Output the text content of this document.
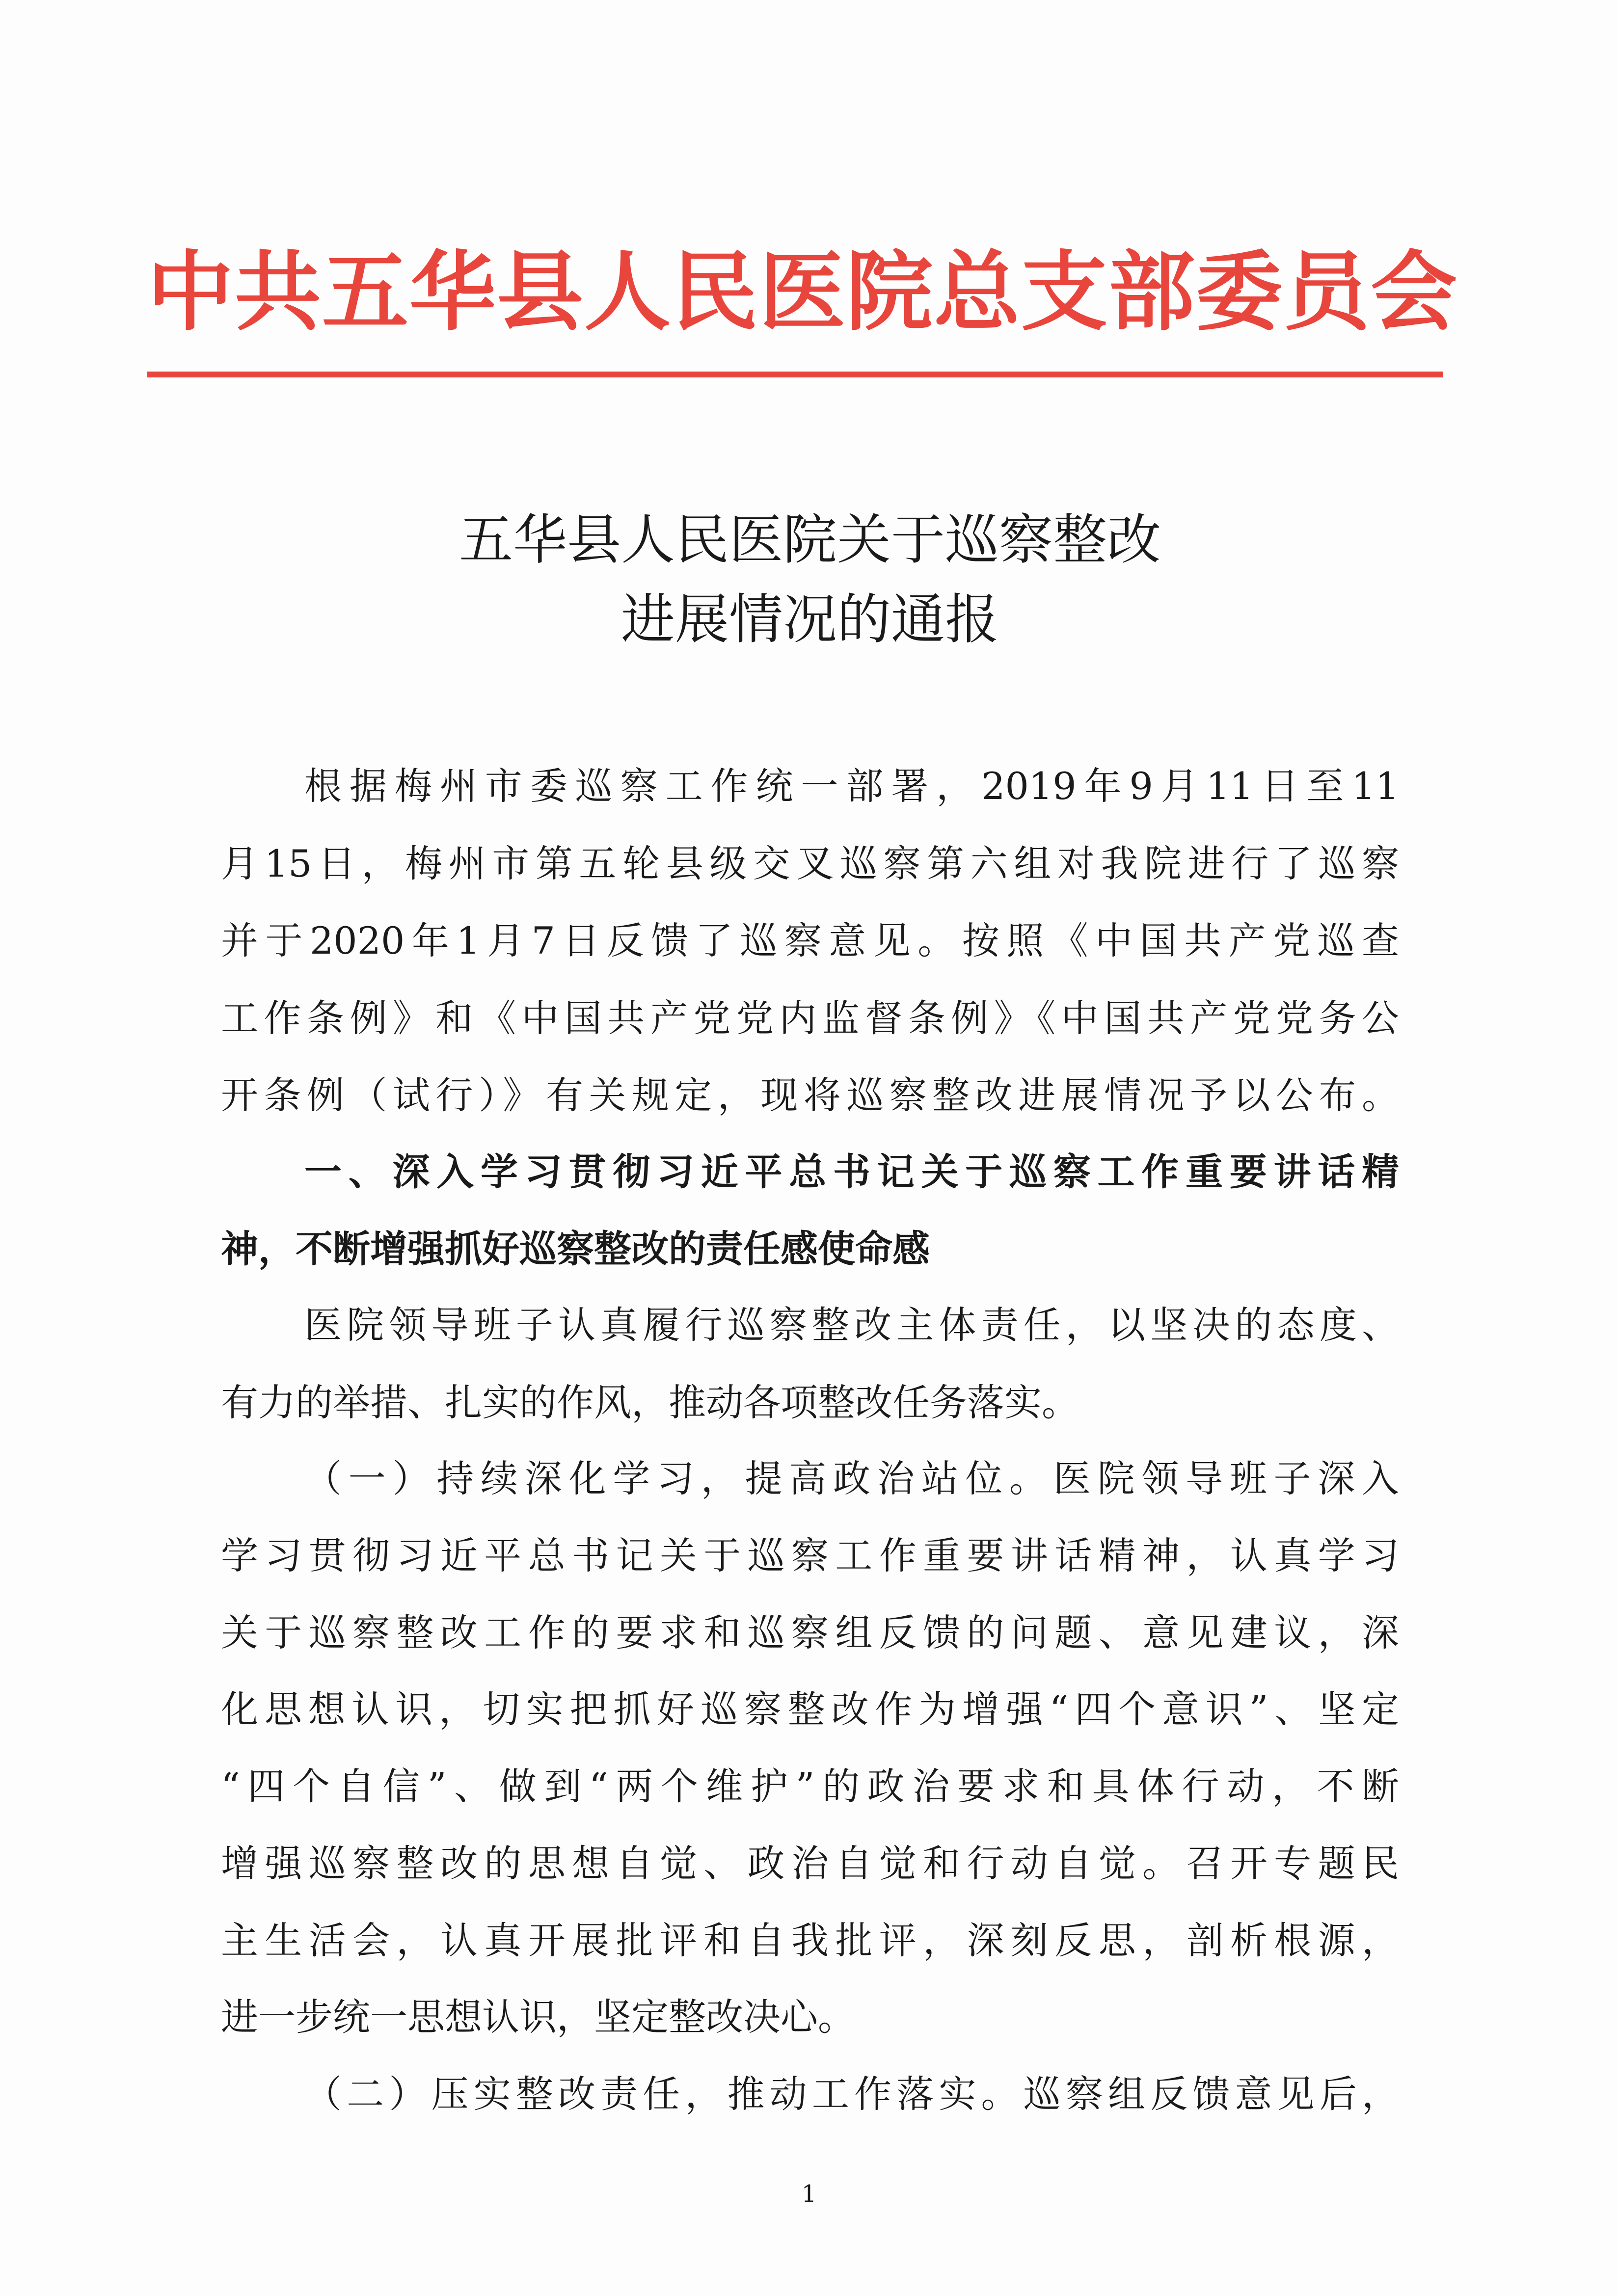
中共五华县人民医院总支部委员会
五华县人民医院关于巡察整改
进展情况的通报
根据梅州市委巡察工作统一部署，2019年9月11日至11
月15日，梅州市第五轮县级交叉巡察第六组对我院进行了巡察
并于2020年1月7日反馈了巡察意见。按照《中国共产党巡查
工作条例》和《中国共产党党内监督条例》《中国共产党党务公
开条例（试行）》有关规定，现将巡察整改进展情况予以公布。
一、深入学习贯彻习近平总书记关于巡察工作重要讲话精
神，不断增强抓好巡察整改的责任感使命感
医院领导班子认真履行巡察整改主体责任，以坚决的态度、
有力的举措、扎实的作风，推动各项整改任务落实。
（一）持续深化学习，提高政治站位。医院领导班子深入
学习贯彻习近平总书记关于巡察工作重要讲话精神，认真学习
关于巡察整改工作的要求和巡察组反馈的问题、意见建议，深
化思想认识，切实把抓好巡察整改作为增强“四个意识”、坚定
“四个自信”、做到“两个维护”的政治要求和具体行动，不断
增强巡察整改的思想自觉、政治自觉和行动自觉。召开专题民
主生活会，认真开展批评和自我批评，深刻反思，剖析根源，
进一步统一思想认识，坚定整改决心。
（二）压实整改责任，推动工作落实。巡察组反馈意见后，
1
